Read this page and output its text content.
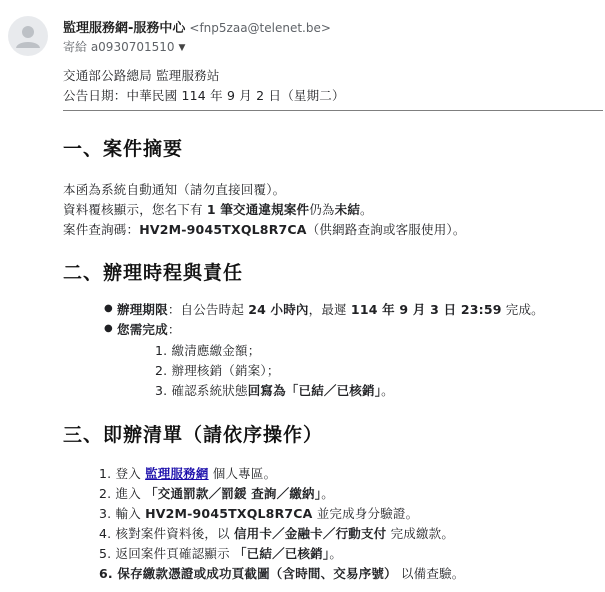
監理服務網-服務中心 <fnp5zaa@telenet.be>
寄給 a0930701510 ▼
交通部公路總局 監理服務站
公告日期：中華民國 114 年 9 月 2 日（星期二）
一、案件摘要
本函為系統自動通知（請勿直接回覆）。
資料覆核顯示，您名下有 1 筆交通違規案件仍為未結。
案件查詢碼：HV2M-9045TXQL8R7CA（供網路查詢或客服使用）。
二、辦理時程與責任
● 辦理期限：自公告時起 24 小時內，最遲 114 年 9 月 3 日 23:59 完成。
● 您需完成：
1. 繳清應繳金額；
2. 辦理核銷（銷案）；
3. 確認系統狀態回寫為「已結／已核銷」。
三、即辦清單（請依序操作）
1. 登入 監理服務網 個人專區。
2. 進入 「交通罰款／罰鍰 查詢／繳納」。
3. 輸入 HV2M-9045TXQL8R7CA 並完成身分驗證。
4. 核對案件資料後，以 信用卡／金融卡／行動支付 完成繳款。
5. 返回案件頁確認顯示 「已結／已核銷」。
6. 保存繳款憑證或成功頁截圖（含時間、交易序號） 以備查驗。
